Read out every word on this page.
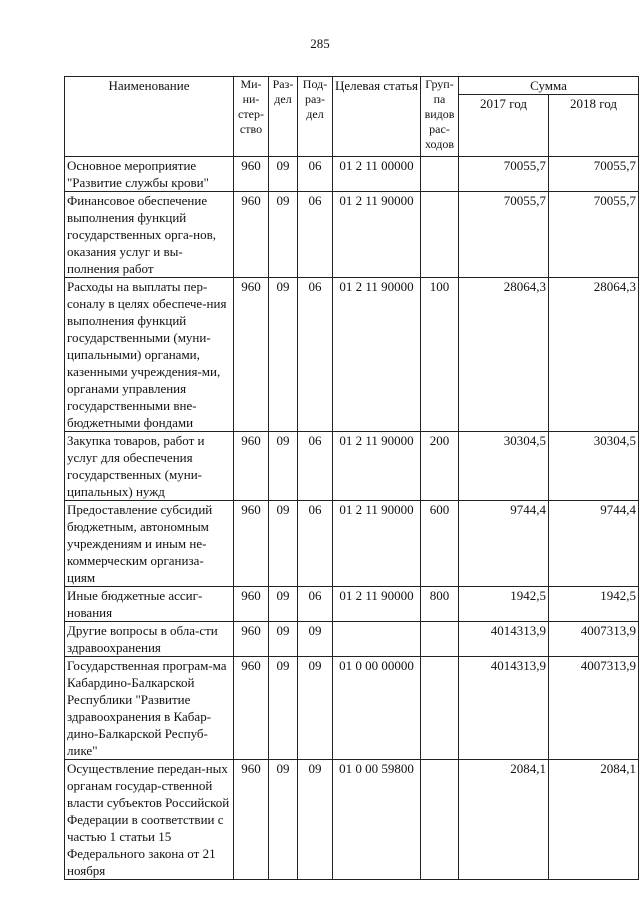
285
Наименование	Ми-ни-стер-ство	Раз-дел	Под-раз-дел	Целевая статья	Груп-па видов рас-ходов	Сумма	
						2017 год	2018 год
Основное мероприятие "Развитие службы крови"	960	09	06	01 2 11 00000		70055,7	70055,7
Финансовое обеспечение выполнения функций государственных орга-нов, оказания услуг и вы-полнения работ	960	09	06	01 2 11 90000		70055,7	70055,7
Расходы на выплаты пер-соналу в целях обеспече-ния выполнения функций государственными (муни-ципальными) органами, казенными учреждения-ми, органами управления государственными вне-бюджетными фондами	960	09	06	01 2 11 90000	100	28064,3	28064,3
Закупка товаров, работ и услуг для обеспечения государственных (муни-ципальных) нужд	960	09	06	01 2 11 90000	200	30304,5	30304,5
Предоставление субсидий бюджетным, автономным учреждениям и иным не-коммерческим организа-циям	960	09	06	01 2 11 90000	600	9744,4	9744,4
Иные бюджетные ассиг-нования	960	09	06	01 2 11 90000	800	1942,5	1942,5
Другие вопросы в обла-сти здравоохранения	960	09	09			4014313,9	4007313,9
Государственная програм-ма Кабардино-Балкарской Республики "Развитие здравоохранения в Кабар-дино-Балкарской Респуб-лике"	960	09	09	01 0 00 00000		4014313,9	4007313,9
Осуществление передан-ных органам государ-ственной власти субъектов Российской Федерации в соответствии с частью 1 статьи 15 Федерального закона от 21 ноября	960	09	09	01 0 00 59800		2084,1	2084,1
